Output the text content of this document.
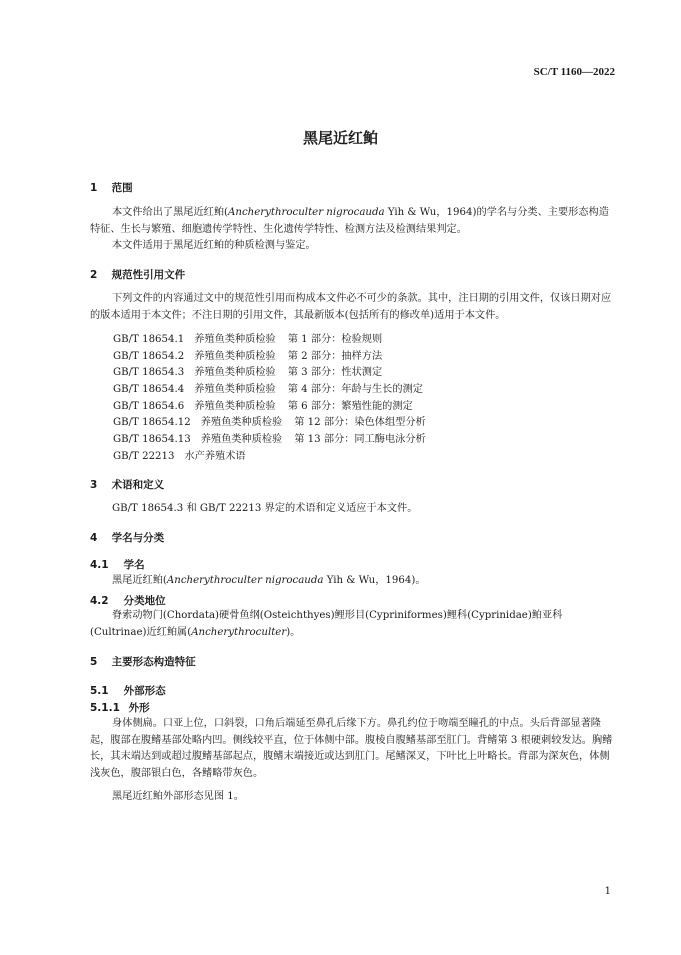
SC/T 1160—2022
黑尾近红鲌
1 范围
本文件给出了黑尾近红鲌(Ancherythroculter nigrocauda Yih & Wu，1964)的学名与分类、主要形态构造特征、生长与繁殖、细胞遗传学特性、生化遗传学特性、检测方法及检测结果判定。
本文件适用于黑尾近红鲌的种质检测与鉴定。
2 规范性引用文件
下列文件的内容通过文中的规范性引用而构成本文件必不可少的条款。其中，注日期的引用文件，仅该日期对应的版本适用于本文件；不注日期的引用文件，其最新版本(包括所有的修改单)适用于本文件。
GB/T 18654.1 养殖鱼类种质检验 第 1 部分：检验规则
GB/T 18654.2 养殖鱼类种质检验 第 2 部分：抽样方法
GB/T 18654.3 养殖鱼类种质检验 第 3 部分：性状测定
GB/T 18654.4 养殖鱼类种质检验 第 4 部分：年龄与生长的测定
GB/T 18654.6 养殖鱼类种质检验 第 6 部分：繁殖性能的测定
GB/T 18654.12 养殖鱼类种质检验 第 12 部分：染色体组型分析
GB/T 18654.13 养殖鱼类种质检验 第 13 部分：同工酶电泳分析
GB/T 22213 水产养殖术语
3 术语和定义
GB/T 18654.3 和 GB/T 22213 界定的术语和定义适应于本文件。
4 学名与分类
4.1 学名
黑尾近红鲌(Ancherythroculter nigrocauda Yih & Wu，1964)。
4.2 分类地位
脊索动物门(Chordata)硬骨鱼纲(Osteichthyes)鲤形目(Cypriniformes)鲤科(Cyprinidae)鲌亚科(Cultrinae)近红鲌属(Ancherythroculter)。
5 主要形态构造特征
5.1 外部形态
5.1.1 外形
身体侧扁。口亚上位，口斜裂，口角后端延至鼻孔后缘下方。鼻孔约位于吻端至瞳孔的中点。头后背部显著隆起，腹部在腹鳍基部处略内凹。侧线较平直，位于体侧中部。腹棱自腹鳍基部至肛门。背鳍第 3 根硬刺较发达。胸鳍长，其末端达到或超过腹鳍基部起点，腹鳍末端接近或达到肛门。尾鳍深叉，下叶比上叶略长。背部为深灰色，体侧浅灰色，腹部银白色，各鳍略带灰色。
黑尾近红鲌外部形态见图 1。
1
